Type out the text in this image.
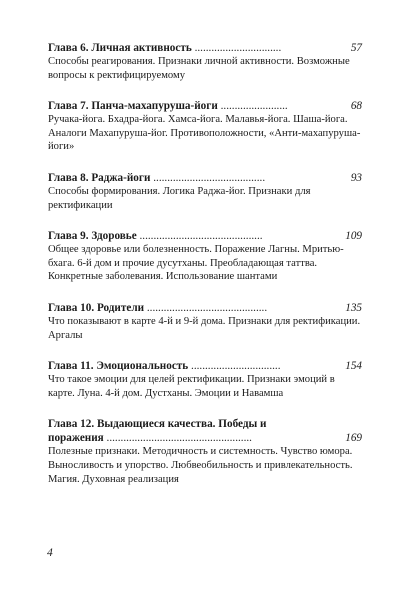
Глава 6. Личная активность ...............................	57
Способы реагирования. Признаки личной активности. Возможные вопросы к ректифицируемому
Глава 7. Панча-махапуруша-йоги ........................	68
Ручака-йога. Бхадра-йога. Хамса-йога. Малавья-йога. Шаша-йога. Аналоги Махапуруша-йог. Противоположности, «Анти-махапуруша-йоги»
Глава 8. Раджа-йоги ........................................	93
Способы формирования. Логика Раджа-йог. Признаки для ректификации
Глава 9. Здоровье ............................................	109
Общее здоровье или болезненность. Поражение Лагны. Мритью-бхага. 6-й дом и прочие дусутханы. Преобладающая таттва. Конкретные заболевания. Использование шантами
Глава 10. Родители ...........................................	135
Что показывают в карте 4-й и 9-й дома. Признаки для ректификации. Аргалы
Глава 11. Эмоциональность ................................	154
Что такое эмоции для целей ректификации. Признаки эмоций в карте. Луна. 4-й дом. Дустханы. Эмоции и Навамша
Глава 12. Выдающиеся качества. Победы и поражения ....................................................	169
Полезные признаки. Методичность и системность. Чувство юмора. Выносливость и упорство. Любвеобильность и привлекательность. Магия. Духовная реализация
4
